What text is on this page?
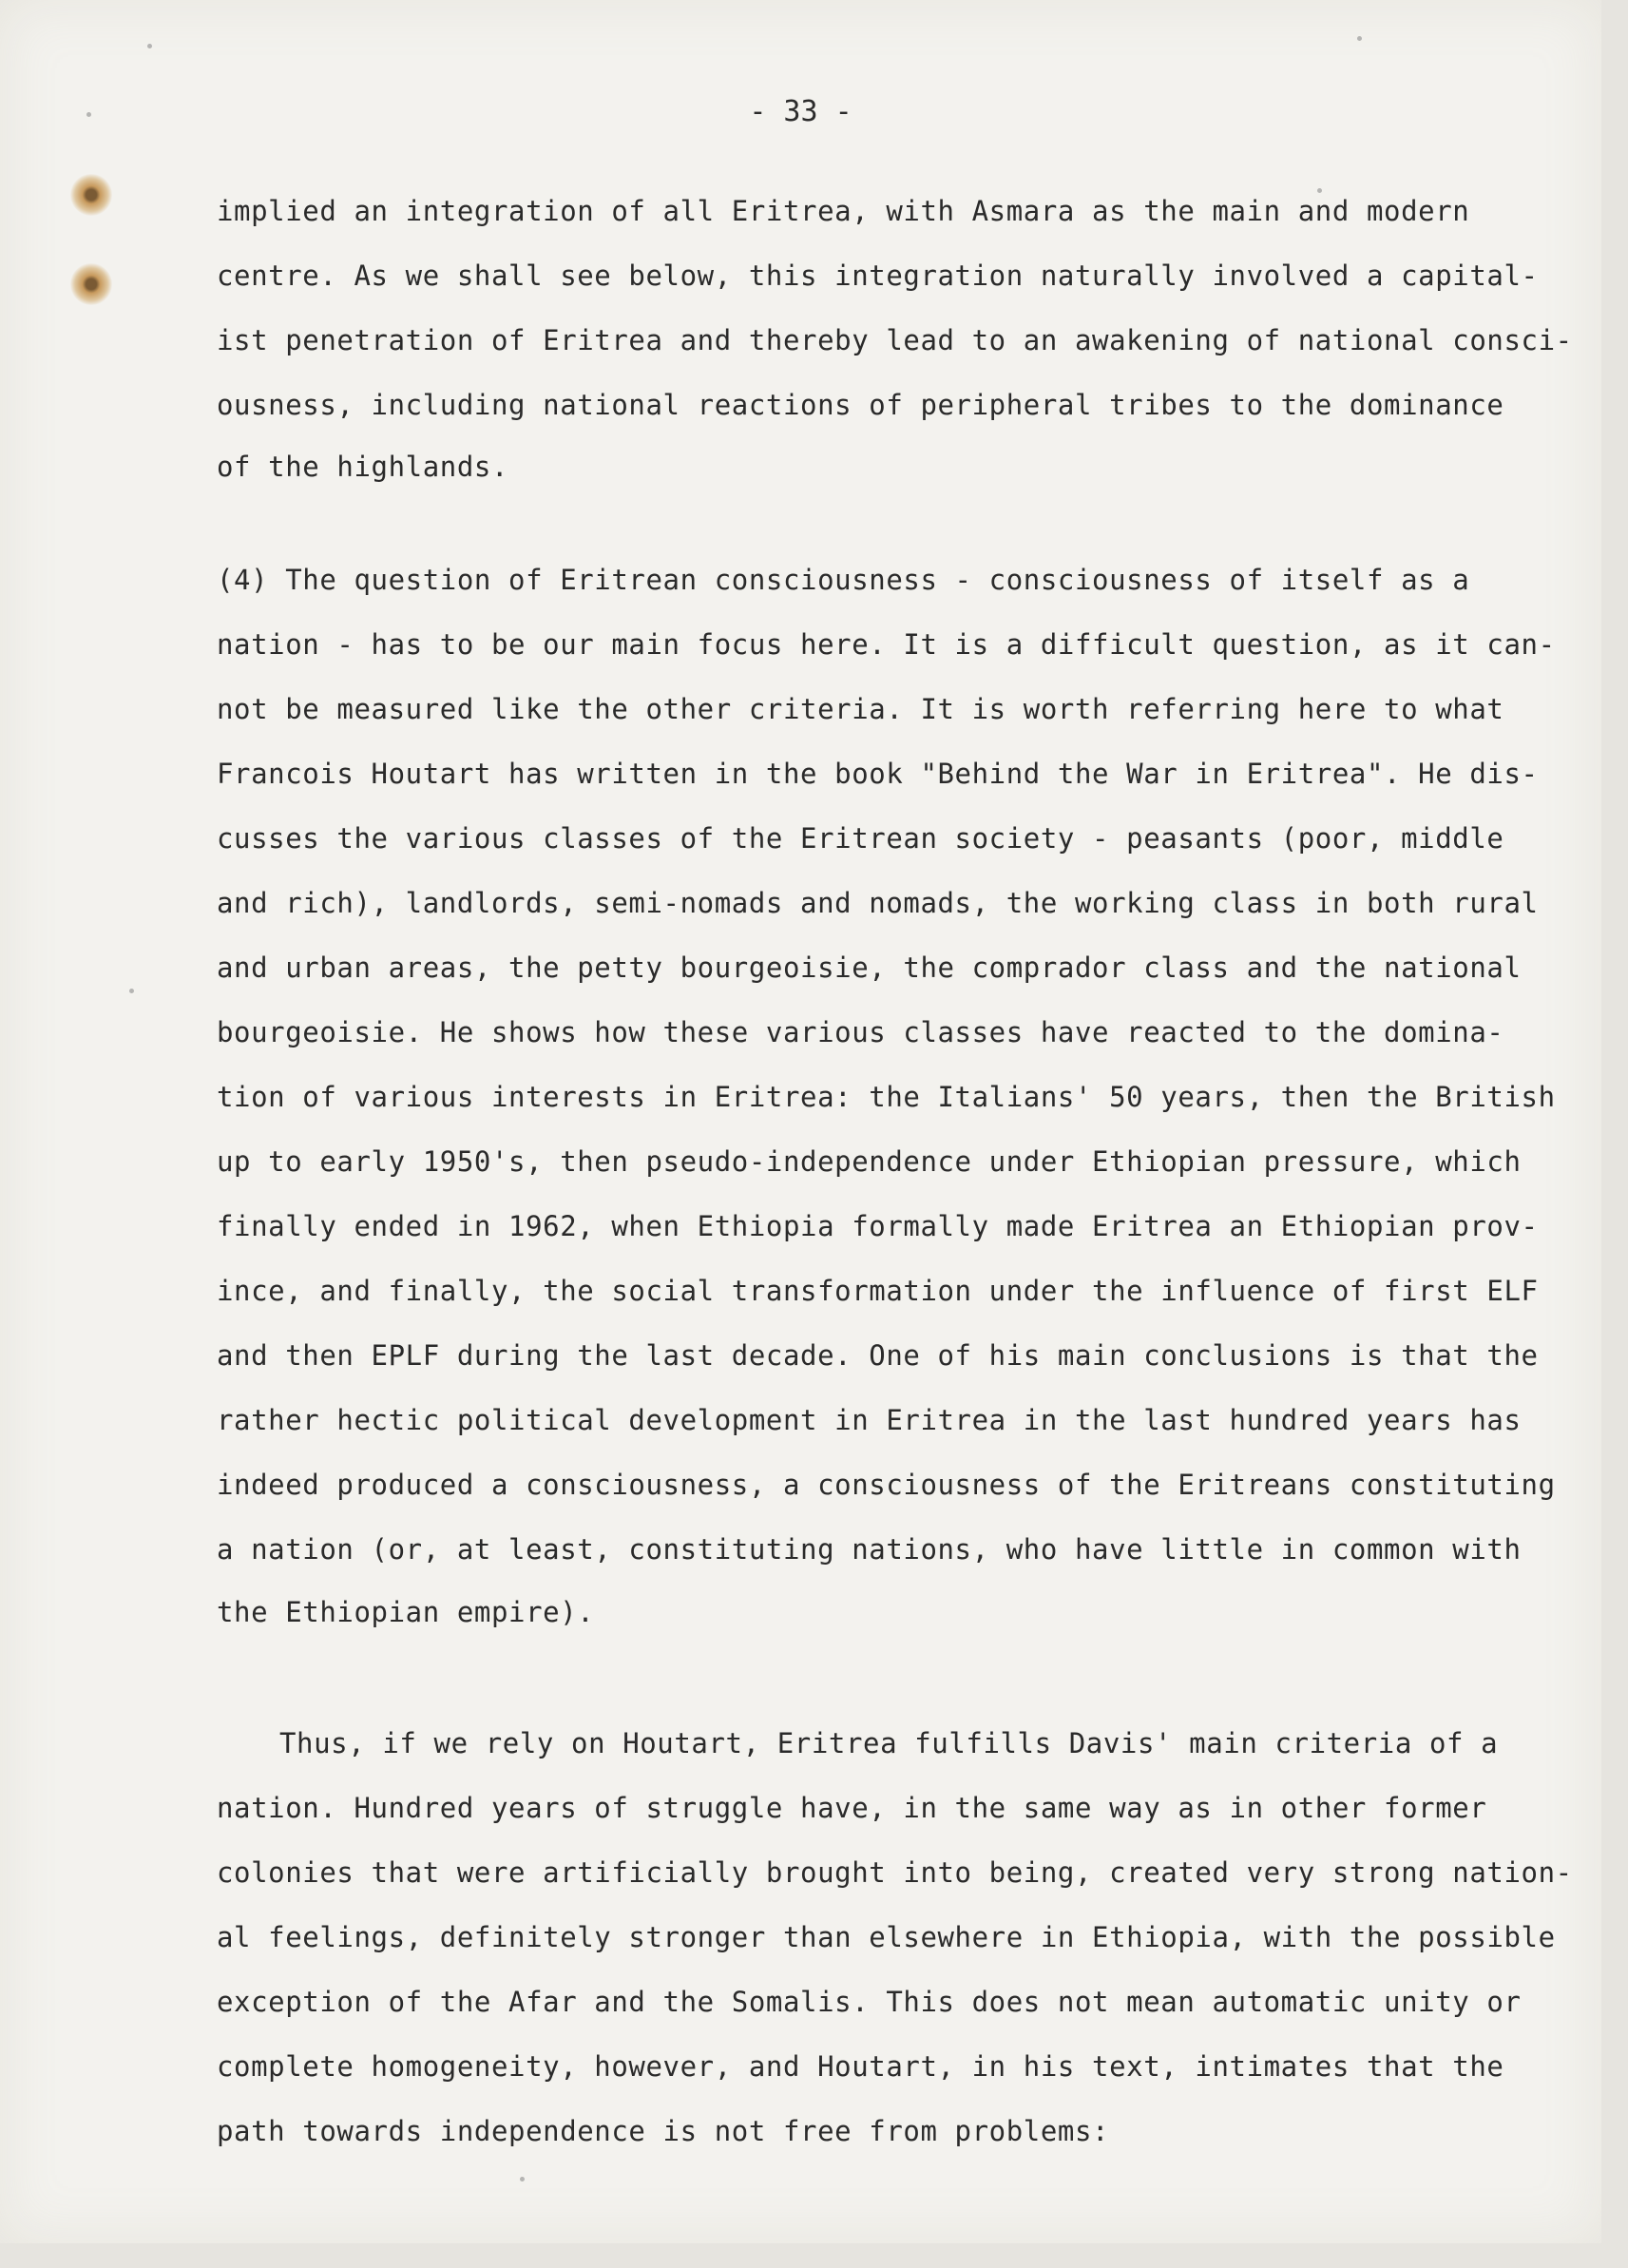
- 33 -
implied an integration of all Eritrea, with Asmara as the main and modern
centre. As we shall see below, this integration naturally involved a capital-
ist penetration of Eritrea and thereby lead to an awakening of national consci-
ousness, including national reactions of peripheral tribes to the dominance
of the highlands.
(4) The question of Eritrean consciousness - consciousness of itself as a
nation - has to be our main focus here. It is a difficult question, as it can-
not be measured like the other criteria. It is worth referring here to what
Francois Houtart has written in the book "Behind the War in Eritrea". He dis-
cusses the various classes of the Eritrean society - peasants (poor, middle
and rich), landlords, semi-nomads and nomads, the working class in both rural
and urban areas, the petty bourgeoisie, the comprador class and the national
bourgeoisie. He shows how these various classes have reacted to the domina-
tion of various interests in Eritrea: the Italians' 50 years, then the British
up to early 1950's, then pseudo-independence under Ethiopian pressure, which
finally ended in 1962, when Ethiopia formally made Eritrea an Ethiopian prov-
ince, and finally, the social transformation under the influence of first ELF
and then EPLF during the last decade. One of his main conclusions is that the
rather hectic political development in Eritrea in the last hundred years has
indeed produced a consciousness, a consciousness of the Eritreans constituting
a nation (or, at least, constituting nations, who have little in common with
the Ethiopian empire).
Thus, if we rely on Houtart, Eritrea fulfills Davis' main criteria of a
nation. Hundred years of struggle have, in the same way as in other former
colonies that were artificially brought into being, created very strong nation-
al feelings, definitely stronger than elsewhere in Ethiopia, with the possible
exception of the Afar and the Somalis. This does not mean automatic unity or
complete homogeneity, however, and Houtart, in his text, intimates that the
path towards independence is not free from problems:
